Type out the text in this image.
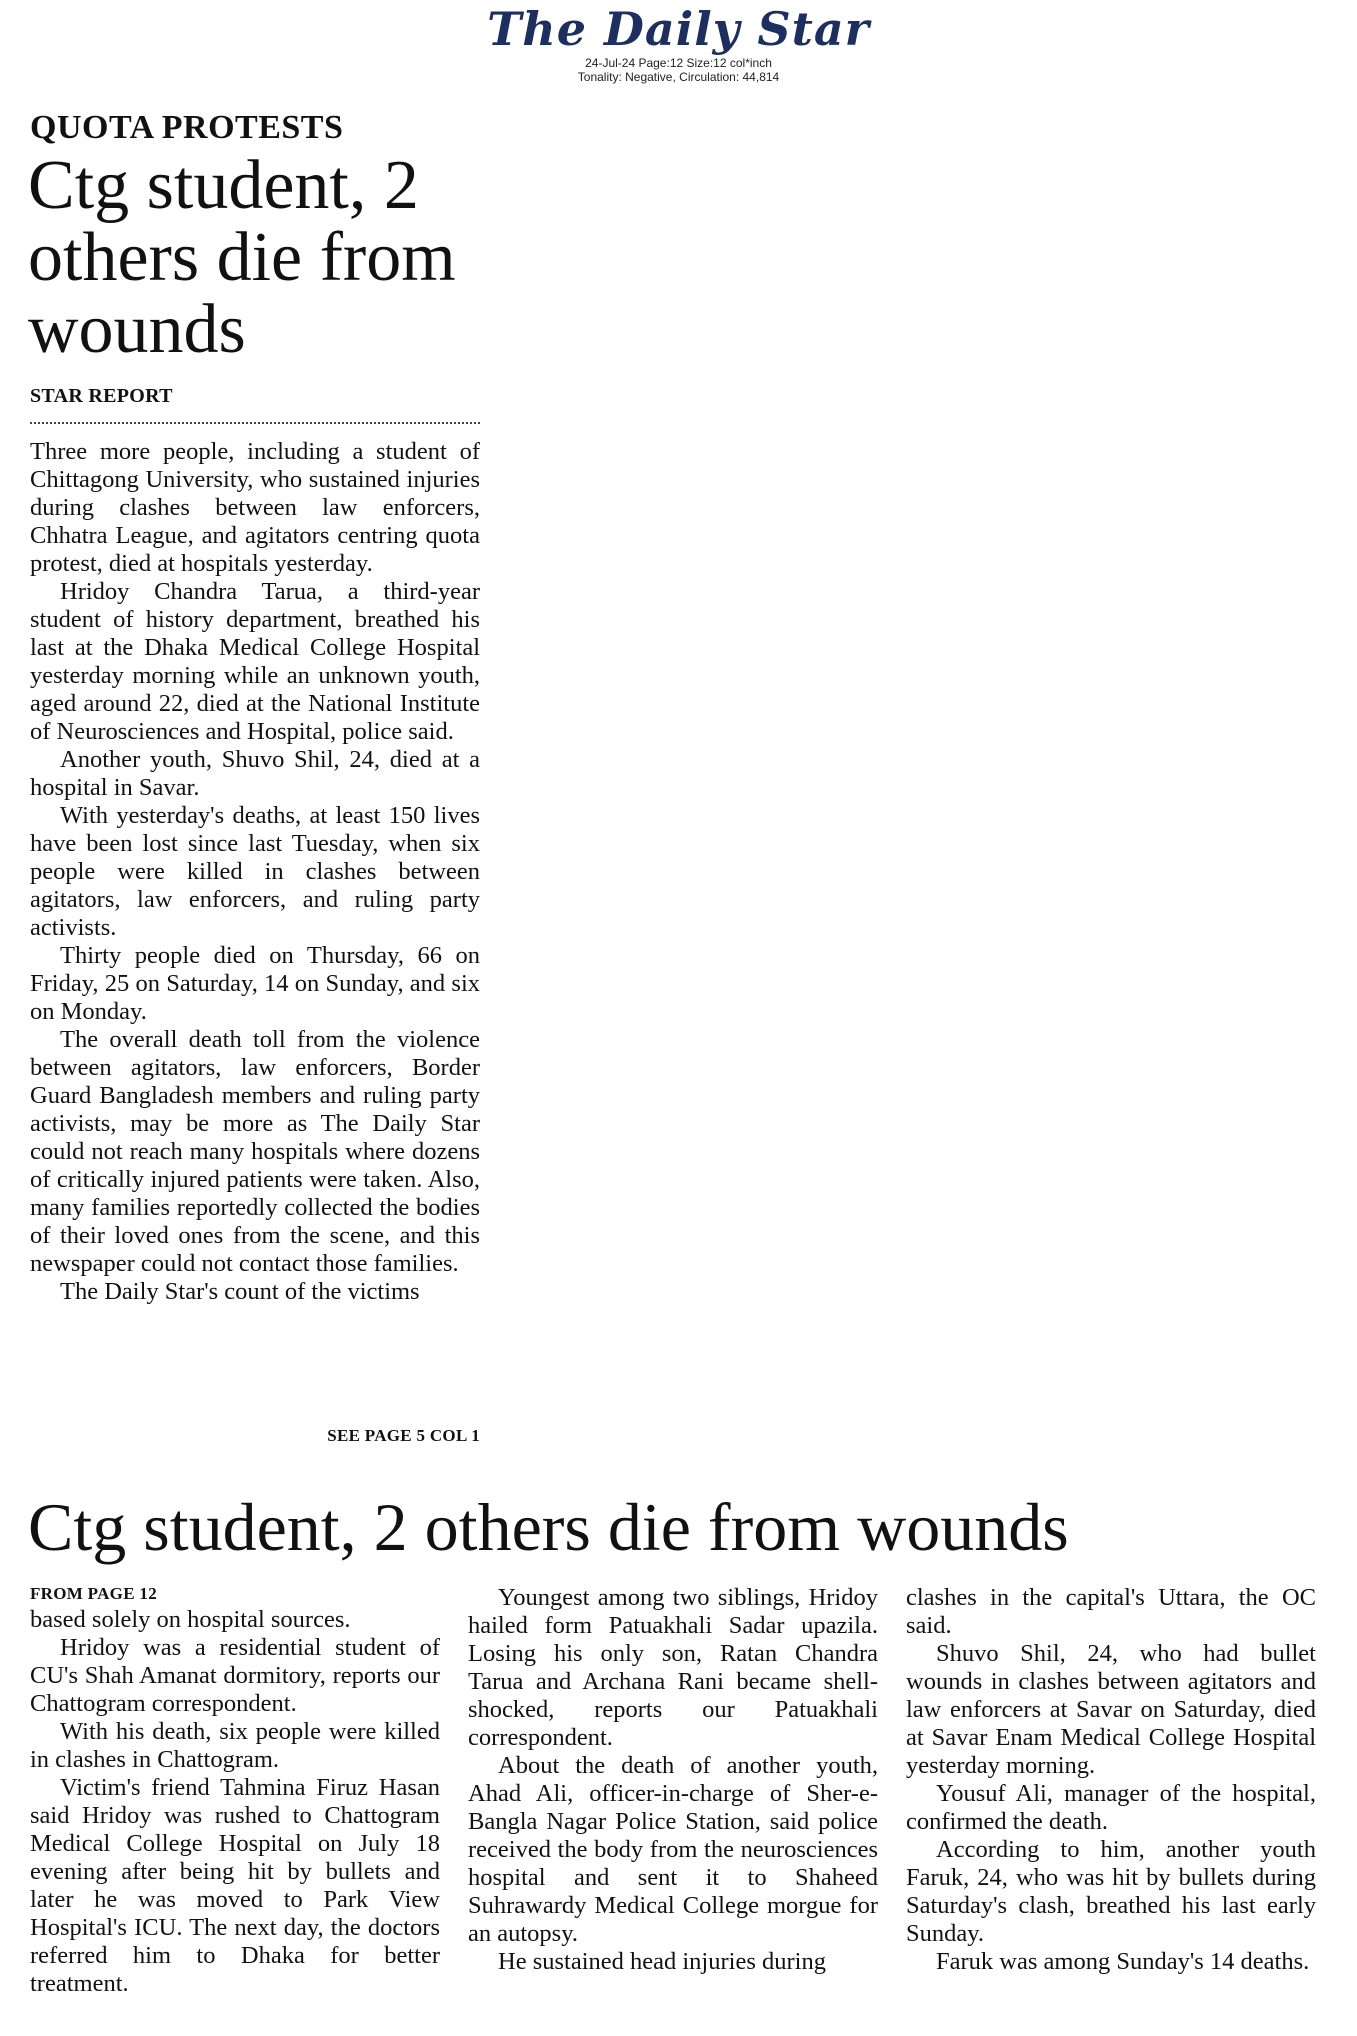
The Daily Star
24-Jul-24 Page:12 Size:12 col*inch
Tonality: Negative, Circulation: 44,814
QUOTA PROTESTS
Ctg student, 2 others die from wounds
STAR REPORT

Three more people, including a student of Chittagong University, who sustained injuries during clashes between law enforcers, Chhatra League, and agitators centring quota protest, died at hospitals yesterday.

Hridoy Chandra Tarua, a third-year student of history department, breathed his last at the Dhaka Medical College Hospital yesterday morning while an unknown youth, aged around 22, died at the National Institute of Neurosciences and Hospital, police said.

Another youth, Shuvo Shil, 24, died at a hospital in Savar.

With yesterday's deaths, at least 150 lives have been lost since last Tuesday, when six people were killed in clashes between agitators, law enforcers, and ruling party activists.

Thirty people died on Thursday, 66 on Friday, 25 on Saturday, 14 on Sunday, and six on Monday.

The overall death toll from the violence between agitators, law enforcers, Border Guard Bangladesh members and ruling party activists, may be more as The Daily Star could not reach many hospitals where dozens of critically injured patients were taken. Also, many families reportedly collected the bodies of their loved ones from the scene, and this newspaper could not contact those families.

The Daily Star's count of the victims

SEE PAGE 5 COL 1
Ctg student, 2 others die from wounds
FROM PAGE 12

based solely on hospital sources.

Hridoy was a residential student of CU's Shah Amanat dormitory, reports our Chattogram correspondent.

With his death, six people were killed in clashes in Chattogram.

Victim's friend Tahmina Firuz Hasan said Hridoy was rushed to Chattogram Medical College Hospital on July 18 evening after being hit by bullets and later he was moved to Park View Hospital's ICU. The next day, the doctors referred him to Dhaka for better treatment.

Youngest among two siblings, Hridoy hailed form Patuakhali Sadar upazila. Losing his only son, Ratan Chandra Tarua and Archana Rani became shell-shocked, reports our Patuakhali correspondent.

About the death of another youth, Ahad Ali, officer-in-charge of Sher-e-Bangla Nagar Police Station, said police received the body from the neurosciences hospital and sent it to Shaheed Suhrawardy Medical College morgue for an autopsy.

He sustained head injuries during

clashes in the capital's Uttara, the OC said.

Shuvo Shil, 24, who had bullet wounds in clashes between agitators and law enforcers at Savar on Saturday, died at Savar Enam Medical College Hospital yesterday morning.

Yousuf Ali, manager of the hospital, confirmed the death.

According to him, another youth Faruk, 24, who was hit by bullets during Saturday's clash, breathed his last early Sunday.

Faruk was among Sunday's 14 deaths.
